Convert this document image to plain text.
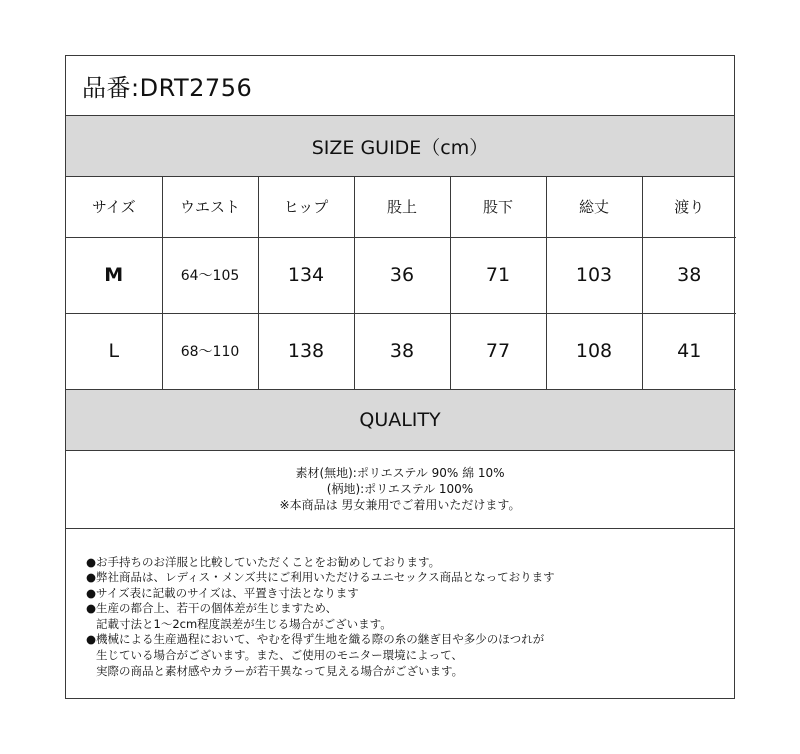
品番:DRT2756
SIZE GUIDE（cm）
サイズ	ウエスト	ヒップ	股上	股下	総丈	渡り
M	64～105	134	36	71	103	38
L	68～110	138	38	77	108	41
QUALITY
素材(無地):ポリエステル 90% 綿 10%
(柄地):ポリエステル 100%
※本商品は 男女兼用でご着用いただけます。
●お手持ちのお洋服と比較していただくことをお勧めしております。
●弊社商品は、レディス・メンズ共にご利用いただけるユニセックス商品となっております
●サイズ表に記載のサイズは、平置き寸法となります
●生産の都合上、若干の個体差が生じますため、
記載寸法と1～2cm程度誤差が生じる場合がございます。
●機械による生産過程において、やむを得ず生地を織る際の糸の継ぎ目や多少のほつれが
生じている場合がございます。また、ご使用のモニター環境によって、
実際の商品と素材感やカラーが若干異なって見える場合がございます。
